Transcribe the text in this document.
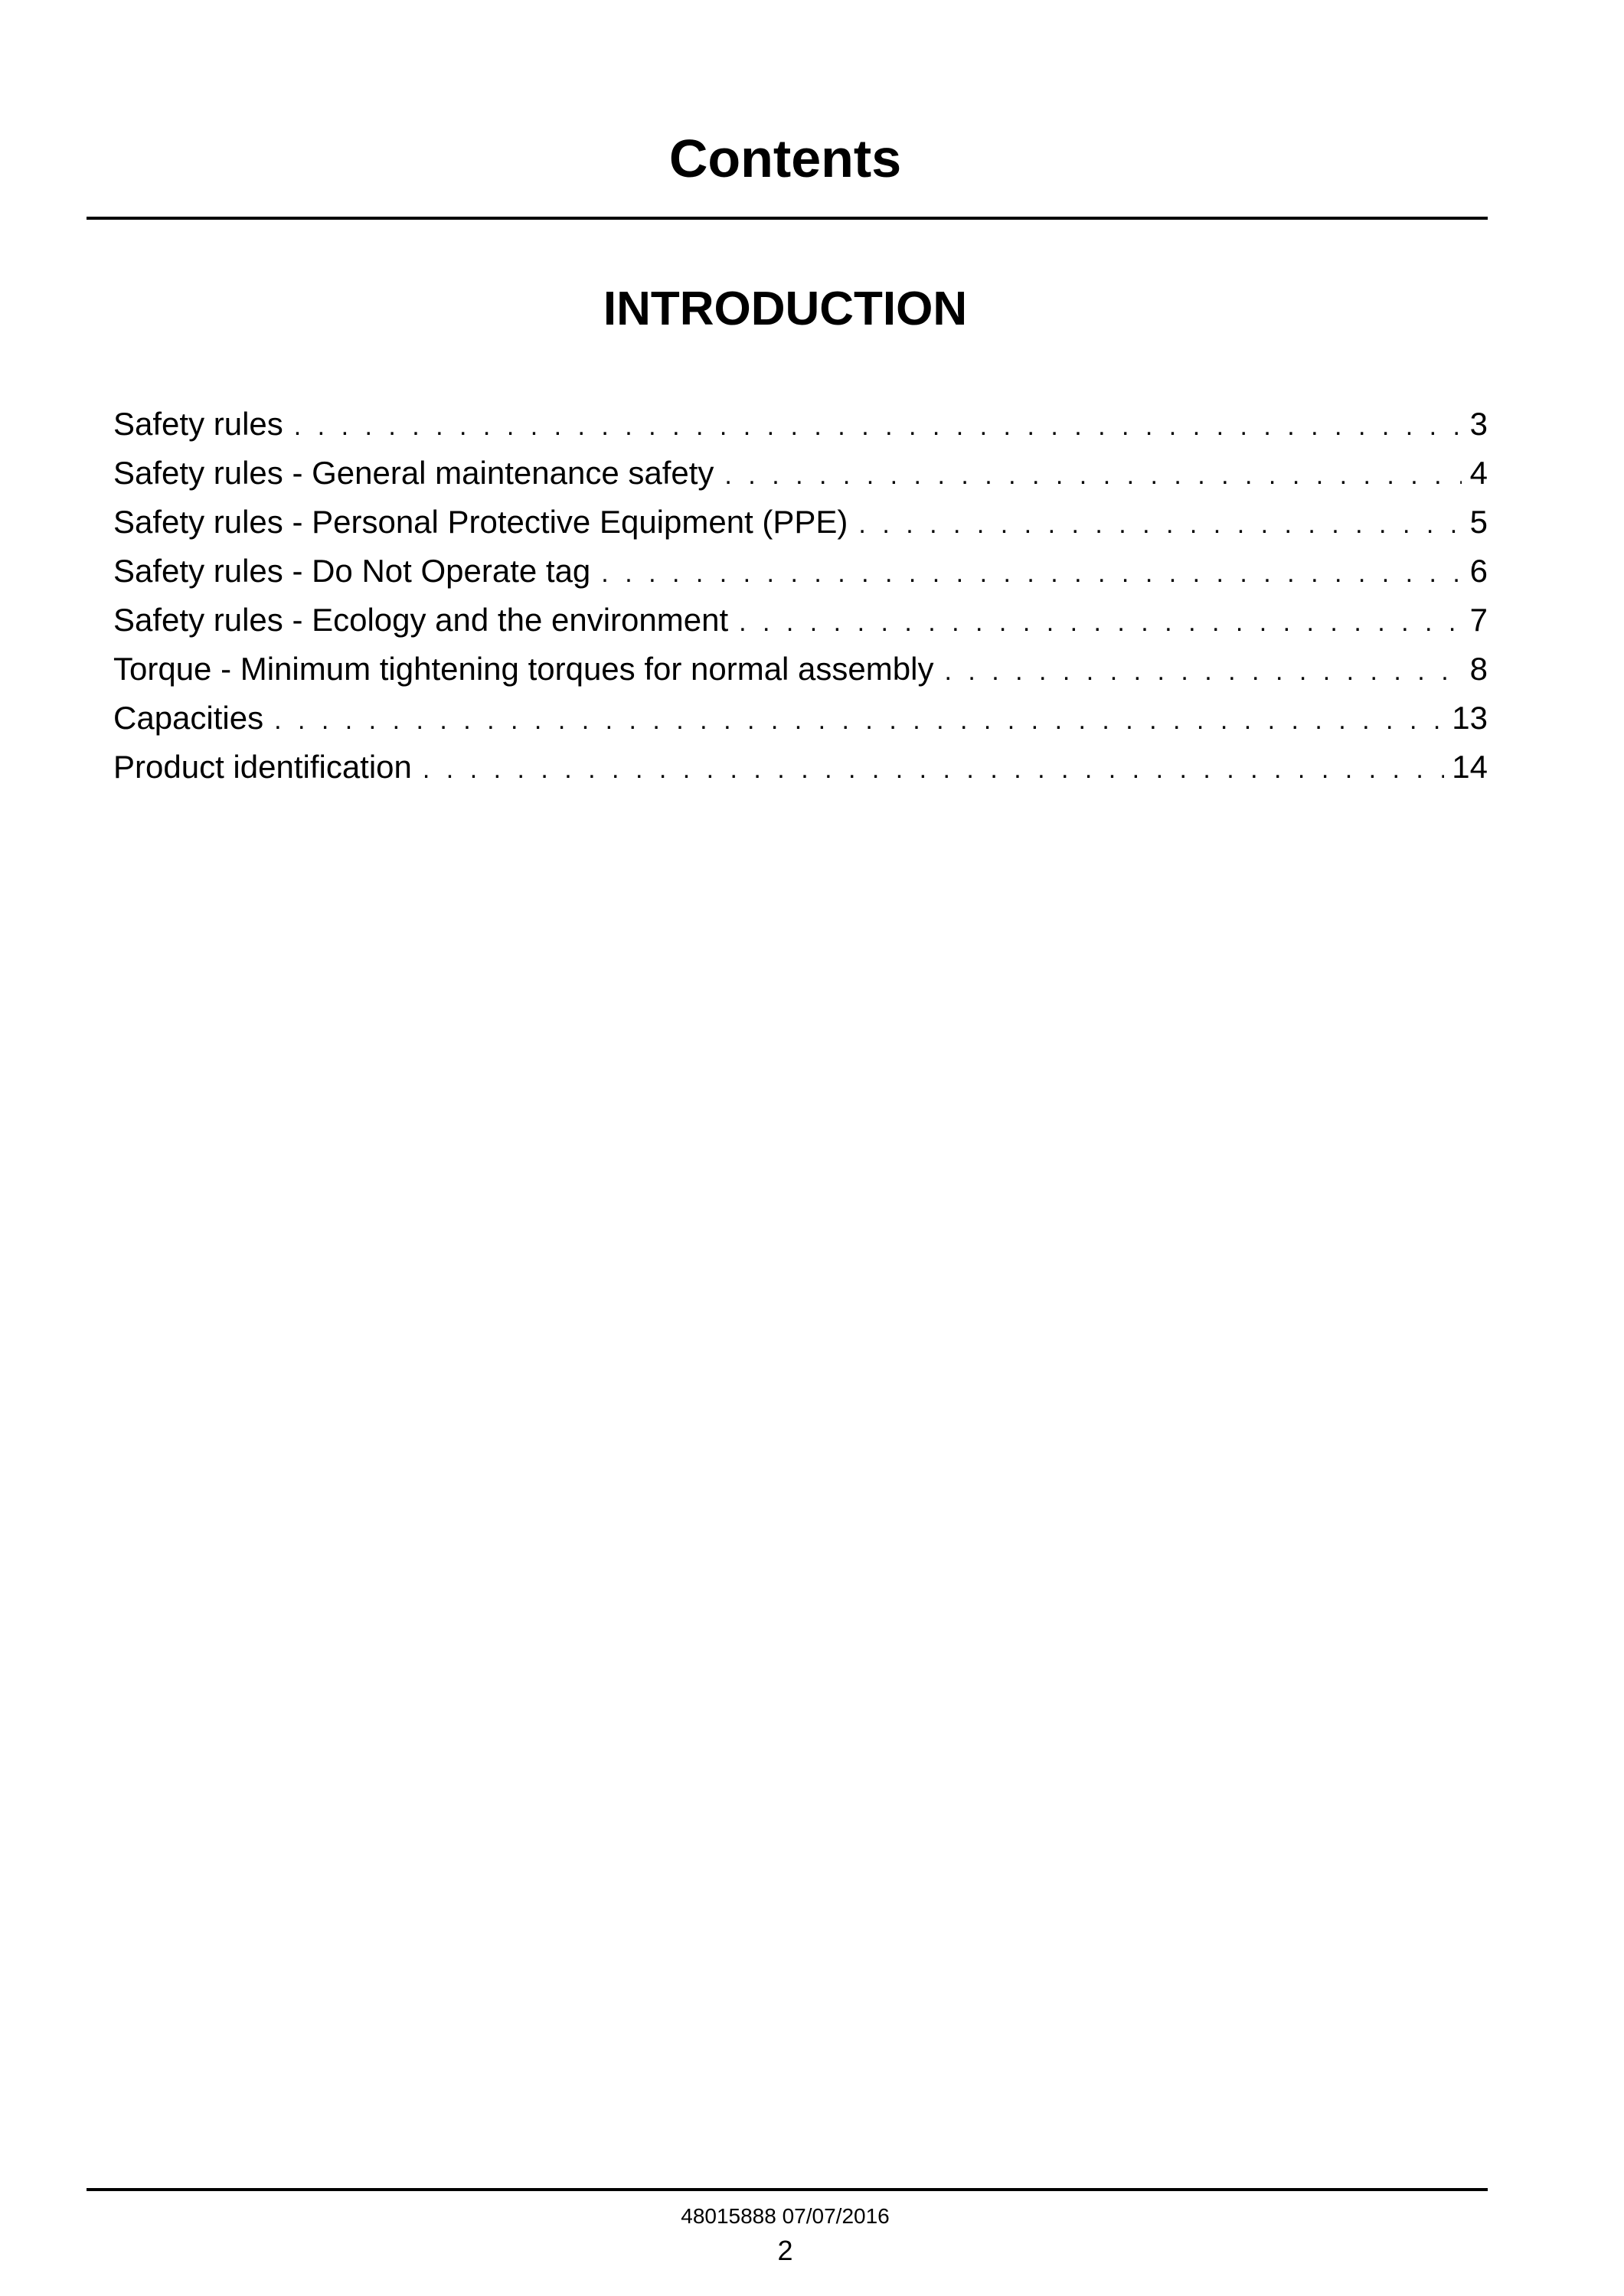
Contents
INTRODUCTION
Safety rules . . .	3
Safety rules - General maintenance safety . . .	4
Safety rules - Personal Protective Equipment (PPE) . . .	5
Safety rules - Do Not Operate tag . . .	6
Safety rules - Ecology and the environment . . .	7
Torque - Minimum tightening torques for normal assembly . . .	8
Capacities . . .	13
Product identification . . .	14

48015888 07/07/2016

2
